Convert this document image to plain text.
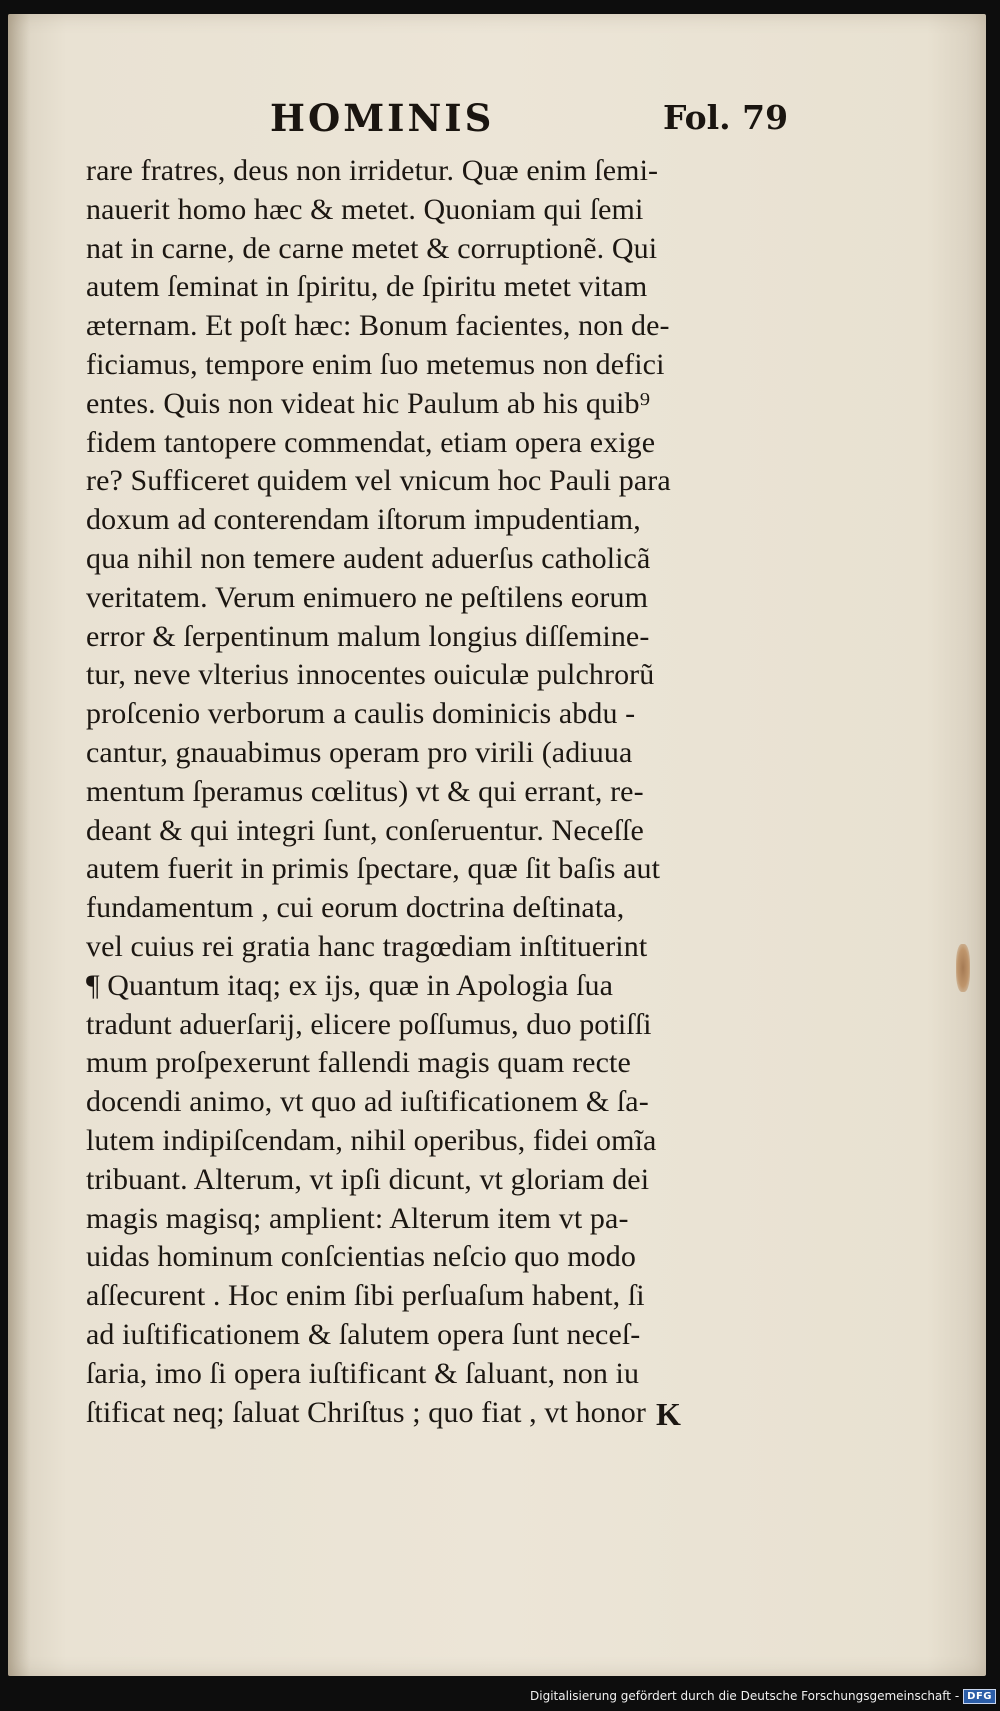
HOMINIS	Fol. 79
rare fratres, deus non irridetur. Quæ enim ſemi-
nauerit homo hæc & metet. Quoniam qui ſemi
nat in carne, de carne metet & corruptionẽ. Qui
autem ſeminat in ſpiritu, de ſpiritu metet vitam
æternam. Et poſt hæc: Bonum facientes, non de-
ficiamus, tempore enim ſuo metemus non defici
entes. Quis non videat hic Paulum ab his quib⁹
fidem tantopere commendat, etiam opera exige
re? Sufficeret quidem vel vnicum hoc Pauli para
doxum ad conterendam iſtorum impudentiam,
qua nihil non temere audent aduerſus catholicã
veritatem. Verum enimuero ne peſtilens eorum
error & ſerpentinum malum longius diſſemine-
tur, neve vlterius innocentes ouiculæ pulchrorũ
proſcenio verborum a caulis dominicis abdu -
cantur, gnauabimus operam pro virili (adiuua
mentum ſperamus cœlitus) vt & qui errant, re-
deant & qui integri ſunt, conſeruentur. Neceſſe
autem fuerit in primis ſpectare, quæ ſit baſis aut
fundamentum , cui eorum doctrina deſtinata,
vel cuius rei gratia hanc tragœdiam inſtituerint
¶ Quantum itaq; ex ijs, quæ in Apologia ſua
tradunt aduerſarij, elicere poſſumus, duo potiſſi
mum proſpexerunt fallendi magis quam recte
docendi animo, vt quo ad iuſtificationem & ſa-
lutem indipiſcendam, nihil operibus, fidei omĩa
tribuant. Alterum, vt ipſi dicunt, vt gloriam dei
magis magisq; amplient: Alterum item vt pa-
uidas hominum conſcientias neſcio quo modo
aſſecurent . Hoc enim ſibi perſuaſum habent, ſi
ad iuſtificationem & ſalutem opera ſunt neceſ-
ſaria, imo ſi opera iuſtificant & ſaluant, non iu
ſtificat neq; ſaluat Chriſtus ; quo fiat , vt honor K
Digitalisierung gefördert durch die Deutsche Forschungsgemeinschaft - DFG
